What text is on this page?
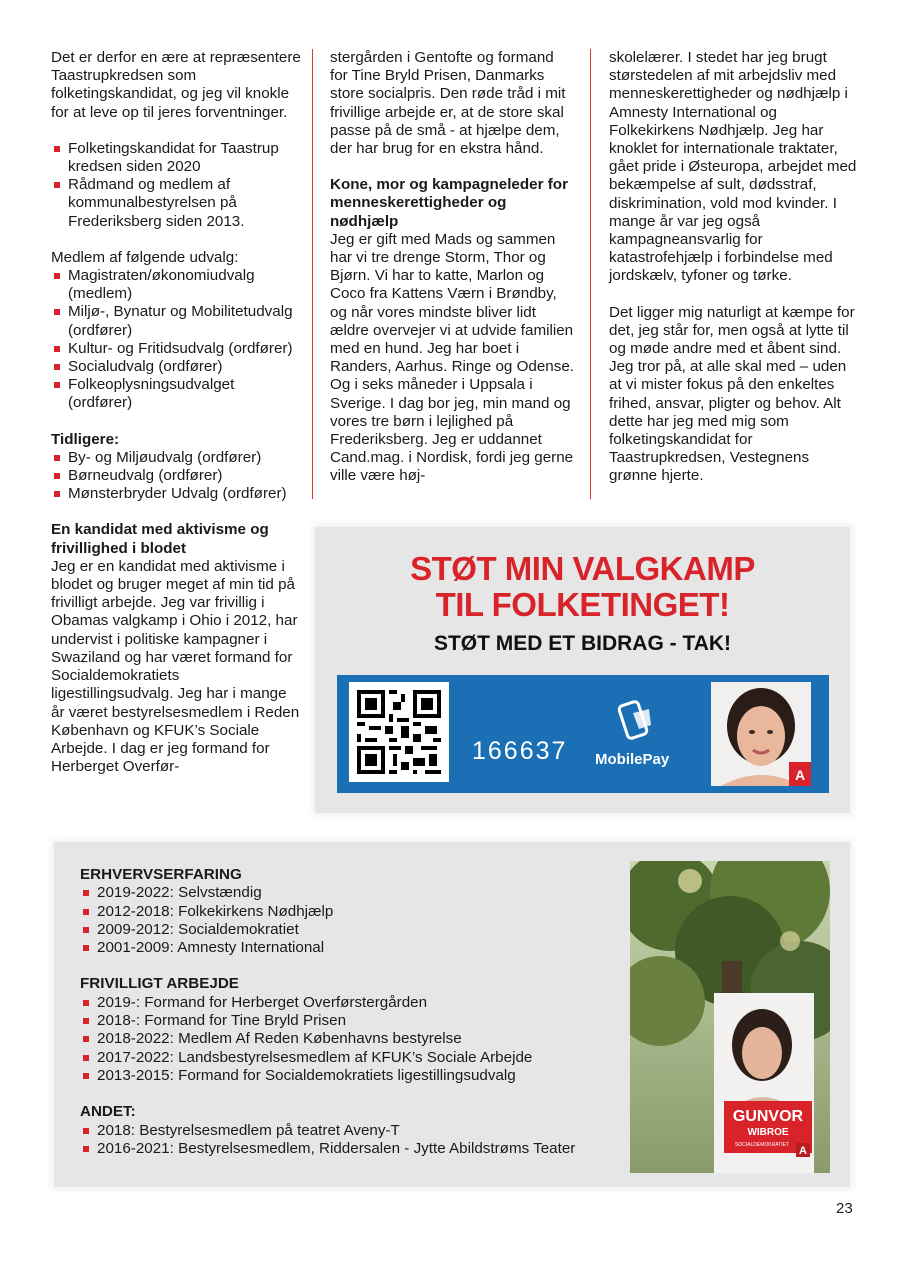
Det er derfor en ære at repræsentere Taastrupkredsen som folketingskandidat, og jeg vil knokle for at leve op til jeres forventninger.

Folketingskandidat for Taastrup kredsen siden 2020
Rådmand og medlem af kommunalbestyrelsen på Frederiksberg siden 2013.

Medlem af følgende udvalg:

Magistraten/økonomiudvalg (medlem)
Miljø-, Bynatur og Mobilitetudvalg (ordfører)
Kultur- og Fritidsudvalg (ordfører)
Socialudvalg (ordfører)
Folkeoplysningsudvalget (ordfører)

Tidligere:

By- og Miljøudvalg (ordfører)
Børneudvalg (ordfører)
Mønsterbryder Udvalg (ordfører)

En kandidat med aktivisme og frivillighed i blodet

Jeg er en kandidat med aktivisme i blodet og bruger meget af min tid på frivilligt arbejde. Jeg var frivillig i Obamas valgkamp i Ohio i 2012, har undervist i politiske kampagner i Swaziland og har været formand for Socialdemokratiets ligestillingsudvalg. Jeg har i mange år været bestyrelsesmedlem i Reden København og KFUK’s Sociale Arbejde. I dag er jeg formand for Herberget Overfør-

stergården i Gentofte og formand for Tine Bryld Prisen, Danmarks store socialpris. Den røde tråd i mit frivillige arbejde er, at de store skal passe på de små - at hjælpe dem, der har brug for en ekstra hånd.

Kone, mor og kampagneleder for menneskerettigheder og nødhjælp

Jeg er gift med Mads og sammen har vi tre drenge Storm, Thor og Bjørn. Vi har to katte, Marlon og Coco fra Kattens Værn i Brøndby, og når vores mindste bliver lidt ældre overvejer vi at udvide familien med en hund. Jeg har boet i Randers, Aarhus. Ringe og Odense. Og i seks måneder i Uppsala i Sverige. I dag bor jeg, min mand og vores tre børn i lejlighed på Frederiksberg. Jeg er uddannet Cand.mag. i Nordisk, fordi jeg gerne ville være høj-

skolelærer. I stedet har jeg brugt størstedelen af mit arbejdsliv med menneskerettigheder og nødhjælp i Amnesty International og Folkekirkens Nødhjælp. Jeg har knoklet for internationale traktater, gået pride i Østeuropa, arbejdet med bekæmpelse af sult, dødsstraf, diskrimination, vold mod kvinder. I mange år var jeg også kampagneansvarlig for katastrofehjælp i forbindelse med jordskælv, tyfoner og tørke.

Det ligger mig naturligt at kæmpe for det, jeg står for, men også at lytte til og møde andre med et åbent sind. Jeg tror på, at alle skal med – uden at vi mister fokus på den enkeltes frihed, ansvar, pligter og behov. Alt dette har jeg med mig som folketingskandidat for Taastrupkredsen, Vestegnens grønne hjerte.

STØT MIN VALGKAMP
TIL FOLKETINGET!
STØT MED ET BIDRAG - TAK!
166637 MobilePay
A

ERHVERVSERFARING

2019-2022: Selvstændig
2012-2018: Folkekirkens Nødhjælp
2009-2012: Socialdemokratiet
2001-2009: Amnesty International

FRIVILLIGT ARBEJDE

2019-: Formand for Herberget Overførstergården
2018-: Formand for Tine Bryld Prisen
2018-2022: Medlem Af Reden Københavns bestyrelse
2017-2022: Landsbestyrelsesmedlem af KFUK’s Sociale Arbejde
2013-2015: Formand for Socialdemokratiets ligestillingsudvalg

ANDET:

2018: Bestyrelsesmedlem på teatret Aveny-T
2016-2021: Bestyrelsesmedlem, Riddersalen - Jytte Abildstrøms Teater
GUNVOR
WIBROE
SOCIALDEMOKRATIET A
23
